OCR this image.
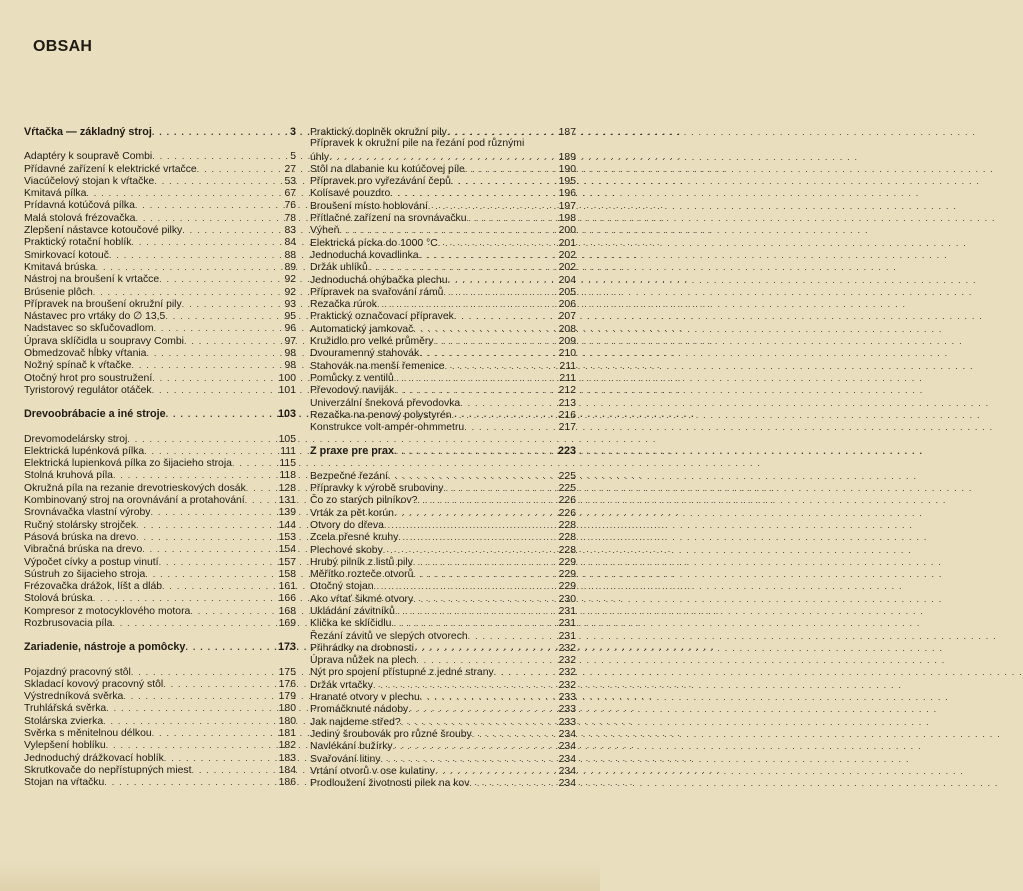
OBSAH
Vŕtačka — základný stroj . . .	3
Adaptéry k soupravě Combi . . .	5
Přídavné zařízení k elektrické vrtačce . . .	27
Viacúčelový stojan k vŕtačke . . .	53
Kmitavá pílka . . .	67
Prídavná kotúčová pílka . . .	76
Malá stolová frézovačka . . .	78
Zlepšení nástavce kotoučové pilky . . .	83
Praktický rotační hoblík . . .	84
Smirkovací kotouč . . .	88
Kmitavá brúska . . .	89
Nástroj na broušení k vrtačce . . .	92
Brúsenie plôch . . .	92
Přípravek na broušení okružní pily . . .	93
Nástavec pro vrtáky do ∅ 13,5 . . .	95
Nadstavec so skľučovadlom . . .	96
Úprava sklíčidla u soupravy Combi . . .	97
Obmedzovač hĺbky vŕtania . . .	98
Nožný spínač k vŕtačke . . .	98
Otočný hrot pro soustružení . . .	100
Tyristorový regulátor otáček . . .	101
Drevoobrábacie a iné stroje . . .	103
Drevomodelársky stroj . . .	105
Elektrická lupénková pílka . . .	111
Elektrická lupienková pílka zo šijacieho stroja . . .	115
Stolná kruhová píla . . .	118
Okružná píla na rezanie drevotrieskových dosák . . .	128
Kombinovaný stroj na orovnávání a protahování . . .	131
Srovnávačka vlastní výroby . . .	139
Ručný stolársky strojček . . .	144
Pásová brúska na drevo . . .	153
Vibračná brúska na drevo . . .	154
Výpočet cívky a postup vinutí . . .	157
Sústruh zo šijacieho stroja . . .	158
Frézovačka drážok, líšt a dláb . . .	161
Stolová brúska . . .	166
Kompresor z motocyklového motora . . .	168
Rozbrusovacia píla . . .	169
Zariadenie, nástroje a pomôcky . . .	173
Pojazdný pracovný stôl . . .	175
Skladací kovový pracovný stôl . . .	176
Výstredníková svěrka . . .	179
Truhlářská svěrka . . .	180
Stolárska zvierka . . .	180
Svěrka s měnitelnou délkou . . .	181
Vylepšení hoblíku . . .	182
Jednoduchý drážkovací hoblík . . .	183
Skrutkovače do nepřístupných miest . . .	184
Stojan na vŕtačku . . .	186
Praktický doplněk okružní pily . . .	187
Přípravek k okružní pile na řezání pod různými
úhly . . .	189
Stôl na dlabanie ku kotúčovej píle . . .	190
Přípravek pro vyřezávání čepů . . .	195
Kolísavé pouzdro . . .	196
Broušení místo hoblování . . .	197
Přítlačné zařízení na srovnávačku . . .	198
Výheň . . .	200
Elektrická pícka do 1000 °C . . .	201
Jednoduchá kovadlinka . . .	202
Držák uhlíků . . .	202
Jednoduchá ohýbačka plechu . . .	204
Přípravek na svařování rámů . . .	205
Rezačka rúrok . . .	206
Praktický označovací přípravek . . .	207
Automatický jamkovač . . .	208
Kružidlo pro velké průměry . . .	209
Dvouramenný stahovák . . .	210
Stahovák na menší řemenice . . .	211
Pomůcky z ventilů . . .	211
Převodový naviják . . .	212
Univerzální šneková převodovka . . .	213
Rezačka na penový polystyrén . . .	216
Konstrukce volt-ampér-ohmmetru . . .	217
Z praxe pre prax . . .	223
Bezpečné řezání . . .	225
Přípravky k výrobě sruboviny . . .	225
Čo zo starých pilníkov? . . .	226
Vrták za pět korún . . .	226
Otvory do dřeva . . .	228
Zcela přesné kruhy . . .	228
Plechové skoby . . .	228
Hrubý pilník z listů pily . . .	229
Měřítko rozteče otvorů . . .	229
Otočný stojan . . .	229
Ako vŕtať šikmé otvory . . .	230
Ukládání závitníků . . .	231
Klička ke sklíčidlu . . .	231
Řezání závitů ve slepých otvorech . . .	231
Přihrádky na drobnosti . . .	232
Úprava nůžek na plech . . .	232
Nýt pro spojení přístupné z jedné strany . . .	232
Držák vrtačky . . .	232
Hranaté otvory v plechu . . .	233
Promáčknuté nádoby . . .	233
Jak najdeme střed? . . .	233
Jediný šroubovák pro různé šrouby . . .	234
Navlékání bužírky . . .	234
Svařování litiny . . .	234
Vrtání otvorů v ose kulatiny . . .	234
Prodloužení životnosti pilek na kov . . .	234
